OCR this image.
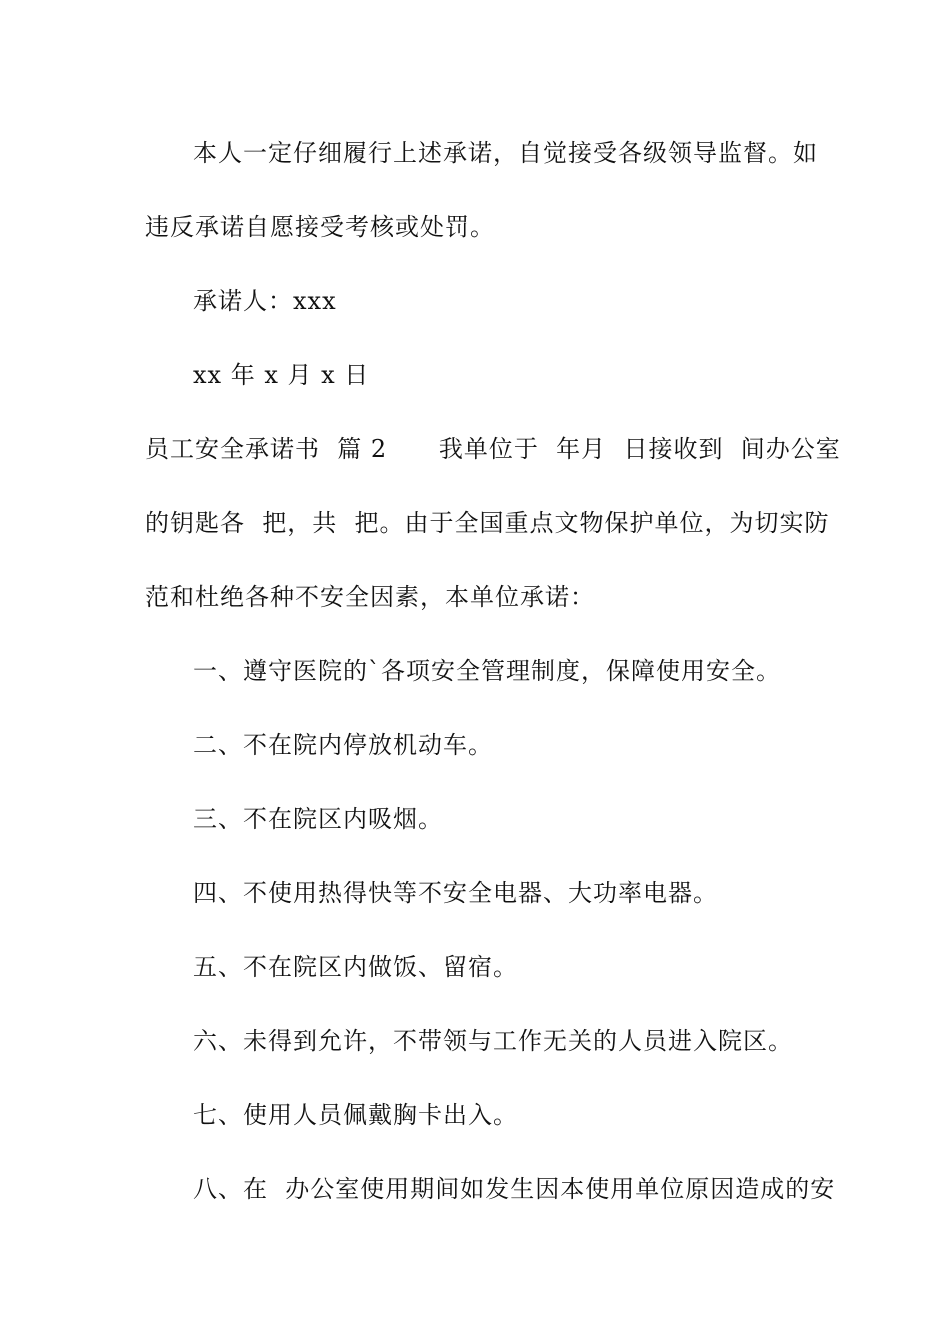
本人一定仔细履行上述承诺，自觉接受各级领导监督。如
违反承诺自愿接受考核或处罚。
承诺人：xxx
xx 年 x 月 x 日
员工安全承诺书  篇 2      我单位于  年月  日接收到  间办公室
的钥匙各  把，共  把。由于全国重点文物保护单位，为切实防
范和杜绝各种不安全因素，本单位承诺：
一、遵守医院的`各项安全管理制度，保障使用安全。
二、不在院内停放机动车。
三、不在院区内吸烟。
四、不使用热得快等不安全电器、大功率电器。
五、不在院区内做饭、留宿。
六、未得到允许，不带领与工作无关的人员进入院区。
七、使用人员佩戴胸卡出入。
八、在  办公室使用期间如发生因本使用单位原因造成的安
